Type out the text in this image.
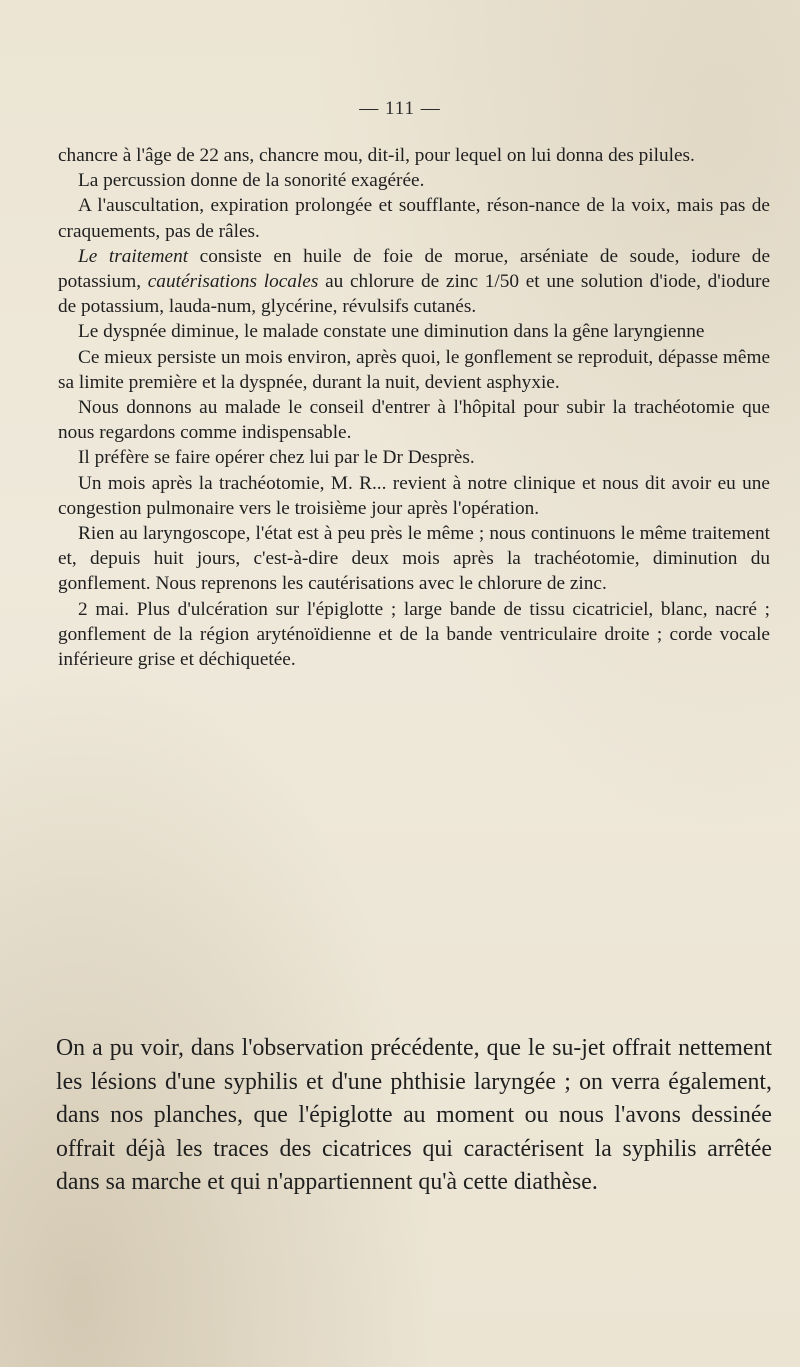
— 111 —

chancre à l'âge de 22 ans, chancre mou, dit-il, pour lequel on lui donna des pilules.

La percussion donne de la sonorité exagérée.

A l'auscultation, expiration prolongée et soufflante, réson-nance de la voix, mais pas de craquements, pas de râles.

Le traitement consiste en huile de foie de morue, arséniate de soude, iodure de potassium, cautérisations locales au chlorure de zinc 1/50 et une solution d'iode, d'iodure de potassium, lauda-num, glycérine, révulsifs cutanés.

Le dyspnée diminue, le malade constate une diminution dans la gêne laryngienne

Ce mieux persiste un mois environ, après quoi, le gonflement se reproduit, dépasse même sa limite première et la dyspnée, durant la nuit, devient asphyxie.

Nous donnons au malade le conseil d'entrer à l'hôpital pour subir la trachéotomie que nous regardons comme indispensable.

Il préfère se faire opérer chez lui par le Dr Desprès.

Un mois après la trachéotomie, M. R... revient à notre clinique et nous dit avoir eu une congestion pulmonaire vers le troisième jour après l'opération.

Rien au laryngoscope, l'état est à peu près le même ; nous continuons le même traitement et, depuis huit jours, c'est-à-dire deux mois après la trachéotomie, diminution du gonflement. Nous reprenons les cautérisations avec le chlorure de zinc.

2 mai. Plus d'ulcération sur l'épiglotte ; large bande de tissu cicatriciel, blanc, nacré ; gonflement de la région aryténoïdienne et de la bande ventriculaire droite ; corde vocale inférieure grise et déchiquetée.

On a pu voir, dans l'observation précédente, que le su-jet offrait nettement les lésions d'une syphilis et d'une phthisie laryngée ; on verra également, dans nos planches, que l'épiglotte au moment ou nous l'avons dessinée offrait déjà les traces des cicatrices qui caractérisent la syphilis arrêtée dans sa marche et qui n'appartiennent qu'à cette diathèse.
